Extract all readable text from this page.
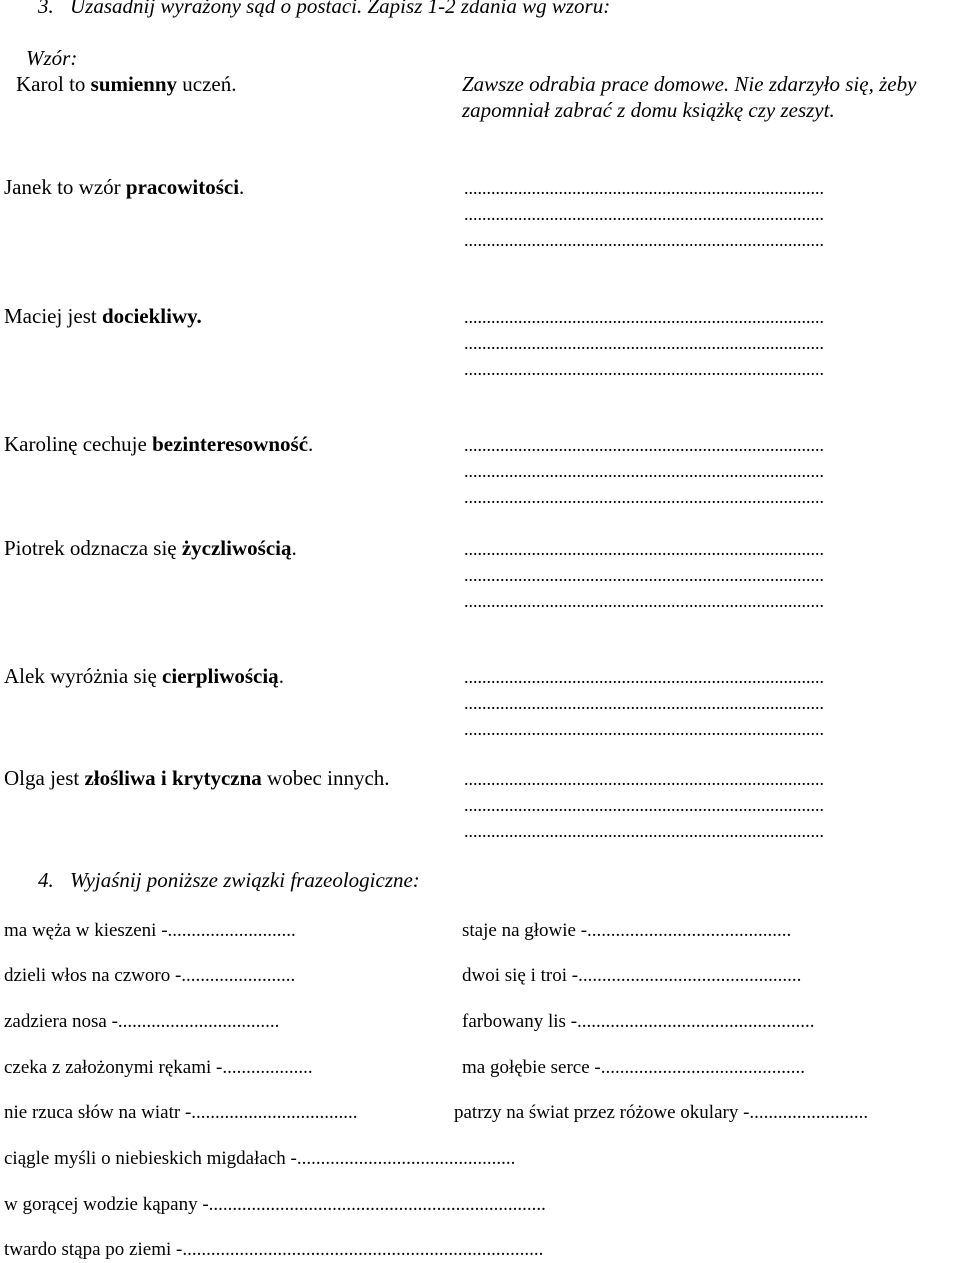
3. Uzasadnij wyrażony sąd o postaci. Zapisz 1-2 zdania wg wzoru:
Wzór:
Karol to sumienny uczeń.	Zawsze odrabia prace domowe. Nie zdarzyło się, żeby
zapomniał zabrać z domu książkę czy zeszyt.
Janek to wzór pracowitości.	................................................................................
................................................................................
................................................................................
Maciej jest dociekliwy.	................................................................................
................................................................................
................................................................................
Karolinę cechuje bezinteresowność.	................................................................................
................................................................................
................................................................................
Piotrek odznacza się życzliwością.	................................................................................
................................................................................
................................................................................
Alek wyróżnia się cierpliwością.	................................................................................
................................................................................
................................................................................
Olga jest złośliwa i krytyczna wobec innych.	................................................................................
................................................................................
................................................................................
4. Wyjaśnij poniższe związki frazeologiczne:
ma węża w kieszeni -...........................	staje na głowie -...........................................
dzieli włos na czworo -........................	dwoi się i troi -...............................................
zadziera nosa -..................................	farbowany lis -..................................................
czeka z założonymi rękami -...................	ma gołębie serce -...........................................
nie rzuca słów na wiatr -...................................	patrzy na świat przez różowe okulary -.........................
ciągle myśli o niebieskich migdałach -..............................................
w gorącej wodzie kąpany -.......................................................................
twardo stąpa po ziemi -............................................................................
